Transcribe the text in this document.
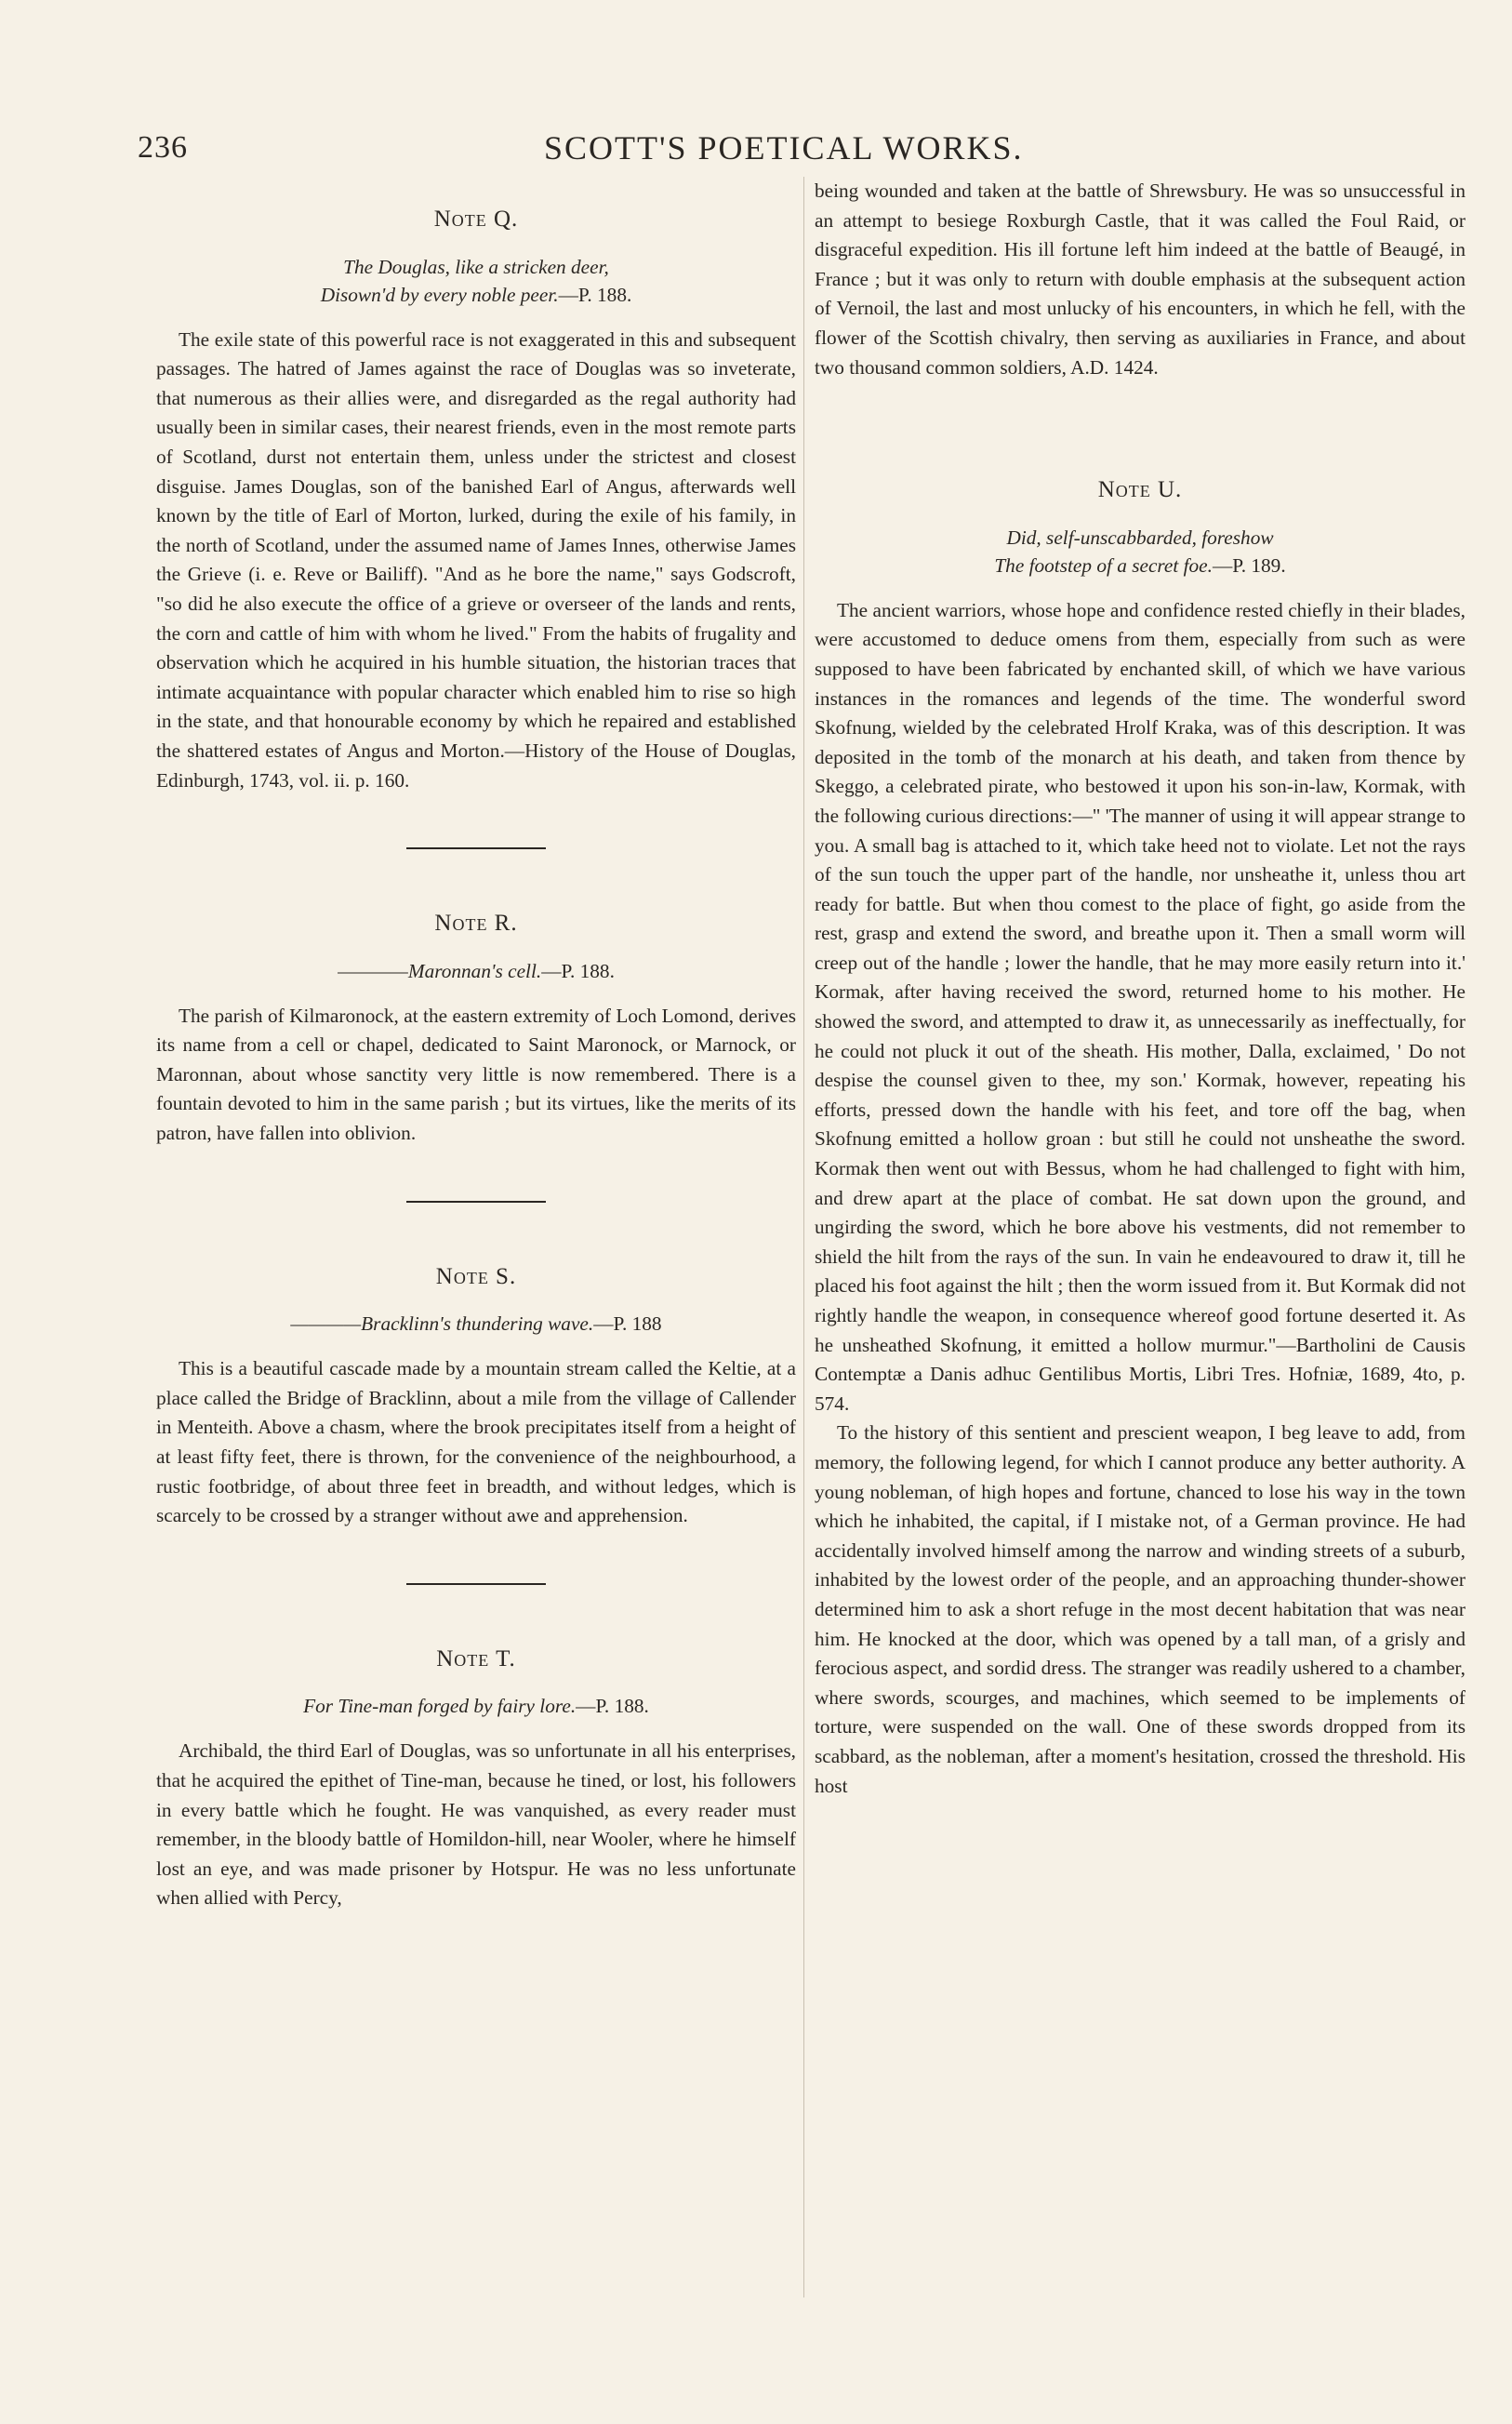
236	SCOTT'S POETICAL WORKS.
Note Q.
The Douglas, like a stricken deer,
Disown'd by every noble peer.—P. 188.

The exile state of this powerful race is not exaggerated in this and subsequent passages. The hatred of James against the race of Douglas was so inveterate, that numerous as their allies were, and disregarded as the regal authority had usually been in similar cases, their nearest friends, even in the most remote parts of Scotland, durst not entertain them, unless under the strictest and closest disguise. James Douglas, son of the banished Earl of Angus, afterwards well known by the title of Earl of Morton, lurked, during the exile of his family, in the north of Scotland, under the assumed name of James Innes, otherwise James the Grieve (i. e. Reve or Bailiff). "And as he bore the name," says Godscroft, "so did he also execute the office of a grieve or overseer of the lands and rents, the corn and cattle of him with whom he lived." From the habits of frugality and observation which he acquired in his humble situation, the historian traces that intimate acquaintance with popular character which enabled him to rise so high in the state, and that honourable economy by which he repaired and established the shattered estates of Angus and Morton.—History of the House of Douglas, Edinburgh, 1743, vol. ii. p. 160.

Note R.
————Maronnan's cell.—P. 188.

The parish of Kilmaronock, at the eastern extremity of Loch Lomond, derives its name from a cell or chapel, dedicated to Saint Maronock, or Marnock, or Maronnan, about whose sanctity very little is now remembered. There is a fountain devoted to him in the same parish ; but its virtues, like the merits of its patron, have fallen into oblivion.

Note S.
————Bracklinn's thundering wave.—P. 188

This is a beautiful cascade made by a mountain stream called the Keltie, at a place called the Bridge of Bracklinn, about a mile from the village of Callender in Menteith. Above a chasm, where the brook precipitates itself from a height of at least fifty feet, there is thrown, for the convenience of the neighbourhood, a rustic footbridge, of about three feet in breadth, and without ledges, which is scarcely to be crossed by a stranger without awe and apprehension.

Note T.
For Tine-man forged by fairy lore.—P. 188.

Archibald, the third Earl of Douglas, was so unfortunate in all his enterprises, that he acquired the epithet of Tine-man, because he tined, or lost, his followers in every battle which he fought. He was vanquished, as every reader must remember, in the bloody battle of Homildon-hill, near Wooler, where he himself lost an eye, and was made prisoner by Hotspur. He was no less unfortunate when allied with Percy,

being wounded and taken at the battle of Shrewsbury. He was so unsuccessful in an attempt to besiege Roxburgh Castle, that it was called the Foul Raid, or disgraceful expedition. His ill fortune left him indeed at the battle of Beaugé, in France ; but it was only to return with double emphasis at the subsequent action of Vernoil, the last and most unlucky of his encounters, in which he fell, with the flower of the Scottish chivalry, then serving as auxiliaries in France, and about two thousand common soldiers, A.D. 1424.

Note U.
Did, self-unscabbarded, foreshow
The footstep of a secret foe.—P. 189.

The ancient warriors, whose hope and confidence rested chiefly in their blades, were accustomed to deduce omens from them, especially from such as were supposed to have been fabricated by enchanted skill, of which we have various instances in the romances and legends of the time. The wonderful sword Skofnung, wielded by the celebrated Hrolf Kraka, was of this description. It was deposited in the tomb of the monarch at his death, and taken from thence by Skeggo, a celebrated pirate, who bestowed it upon his son-in-law, Kormak, with the following curious directions:—" 'The manner of using it will appear strange to you. A small bag is attached to it, which take heed not to violate. Let not the rays of the sun touch the upper part of the handle, nor unsheathe it, unless thou art ready for battle. But when thou comest to the place of fight, go aside from the rest, grasp and extend the sword, and breathe upon it. Then a small worm will creep out of the handle ; lower the handle, that he may more easily return into it.' Kormak, after having received the sword, returned home to his mother. He showed the sword, and attempted to draw it, as unnecessarily as ineffectually, for he could not pluck it out of the sheath. His mother, Dalla, exclaimed, ' Do not despise the counsel given to thee, my son.' Kormak, however, repeating his efforts, pressed down the handle with his feet, and tore off the bag, when Skofnung emitted a hollow groan : but still he could not unsheathe the sword. Kormak then went out with Bessus, whom he had challenged to fight with him, and drew apart at the place of combat. He sat down upon the ground, and ungirding the sword, which he bore above his vestments, did not remember to shield the hilt from the rays of the sun. In vain he endeavoured to draw it, till he placed his foot against the hilt ; then the worm issued from it. But Kormak did not rightly handle the weapon, in consequence whereof good fortune deserted it. As he unsheathed Skofnung, it emitted a hollow murmur."—Bartholini de Causis Contemptæ a Danis adhuc Gentilibus Mortis, Libri Tres. Hofniæ, 1689, 4to, p. 574.

To the history of this sentient and prescient weapon, I beg leave to add, from memory, the following legend, for which I cannot produce any better authority. A young nobleman, of high hopes and fortune, chanced to lose his way in the town which he inhabited, the capital, if I mistake not, of a German province. He had accidentally involved himself among the narrow and winding streets of a suburb, inhabited by the lowest order of the people, and an approaching thunder-shower determined him to ask a short refuge in the most decent habitation that was near him. He knocked at the door, which was opened by a tall man, of a grisly and ferocious aspect, and sordid dress. The stranger was readily ushered to a chamber, where swords, scourges, and machines, which seemed to be implements of torture, were suspended on the wall. One of these swords dropped from its scabbard, as the nobleman, after a moment's hesitation, crossed the threshold. His host
